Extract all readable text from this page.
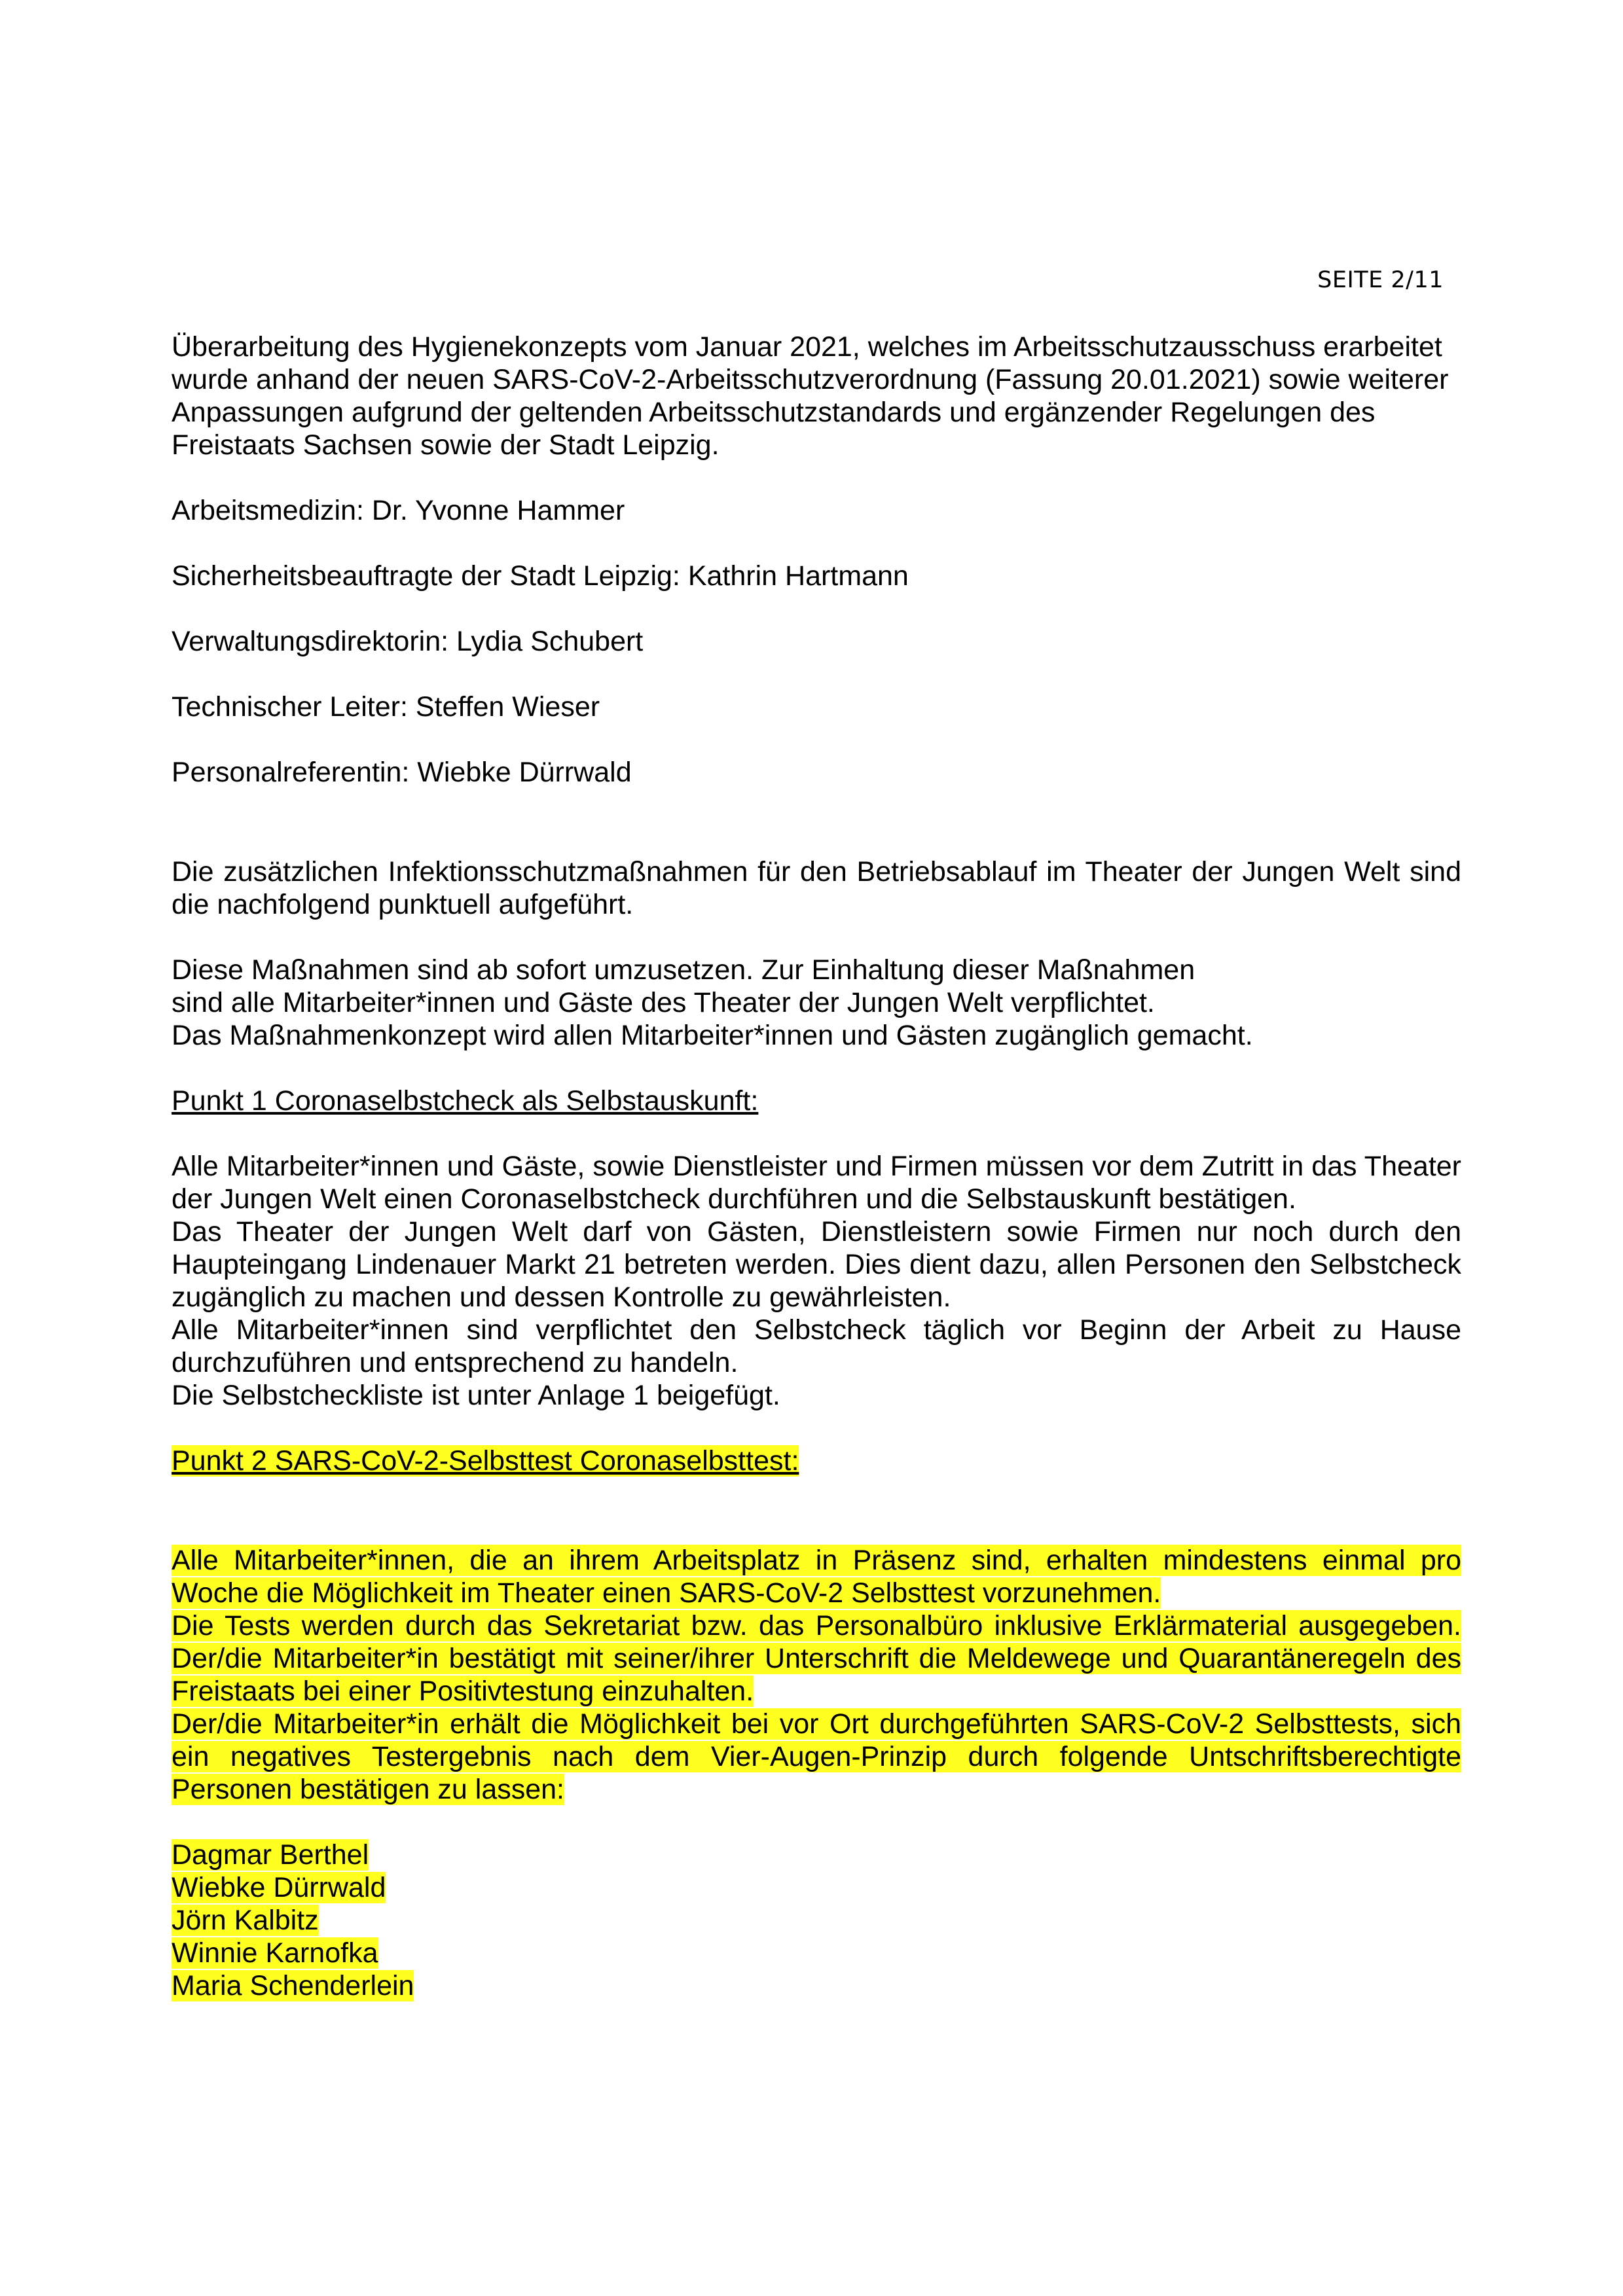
SEITE 2/11

Überarbeitung des Hygienekonzepts vom Januar 2021, welches im Arbeitsschutzausschuss erarbeitet wurde anhand der neuen SARS-CoV-2-Arbeitsschutzverordnung (Fassung 20.01.2021) sowie weiterer Anpassungen aufgrund der geltenden Arbeitsschutzstandards und ergänzender Regelungen des Freistaats Sachsen sowie der Stadt Leipzig.

Arbeitsmedizin: Dr. Yvonne Hammer

Sicherheitsbeauftragte der Stadt Leipzig: Kathrin Hartmann

Verwaltungsdirektorin: Lydia Schubert

Technischer Leiter: Steffen Wieser

Personalreferentin: Wiebke Dürrwald

Die zusätzlichen Infektionsschutzmaßnahmen für den Betriebsablauf im Theater der Jungen Welt sind die nachfolgend punktuell aufgeführt.

Diese Maßnahmen sind ab sofort umzusetzen. Zur Einhaltung dieser Maßnahmen
sind alle Mitarbeiter*innen und Gäste des Theater der Jungen Welt verpflichtet.
Das Maßnahmenkonzept wird allen Mitarbeiter*innen und Gästen zugänglich gemacht.

Punkt 1 Coronaselbstcheck als Selbstauskunft:

Alle Mitarbeiter*innen und Gäste, sowie Dienstleister und Firmen müssen vor dem Zutritt in das Theater der Jungen Welt einen Coronaselbstcheck durchführen und die Selbstauskunft bestätigen.

Das Theater der Jungen Welt darf von Gästen, Dienstleistern sowie Firmen nur noch durch den Haupteingang Lindenauer Markt 21 betreten werden. Dies dient dazu, allen Personen den Selbstcheck zugänglich zu machen und dessen Kontrolle zu gewährleisten.

Alle Mitarbeiter*innen sind verpflichtet den Selbstcheck täglich vor Beginn der Arbeit zu Hause durchzuführen und entsprechend zu handeln.

Die Selbstcheckliste ist unter Anlage 1 beigefügt.

Punkt 2 SARS-CoV-2-Selbsttest Coronaselbsttest:

Alle Mitarbeiter*innen, die an ihrem Arbeitsplatz in Präsenz sind, erhalten mindestens einmal pro Woche die Möglichkeit im Theater einen SARS-CoV-2 Selbsttest vorzunehmen.

Die Tests werden durch das Sekretariat bzw. das Personalbüro inklusive Erklärmaterial ausgegeben. Der/die Mitarbeiter*in bestätigt mit seiner/ihrer Unterschrift die Meldewege und Quarantäneregeln des Freistaats bei einer Positivtestung einzuhalten.

Der/die Mitarbeiter*in erhält die Möglichkeit bei vor Ort durchgeführten SARS-CoV-2 Selbsttests, sich ein negatives Testergebnis nach dem Vier-Augen-Prinzip durch folgende Untschriftsberechtigte Personen bestätigen zu lassen:

Dagmar Berthel
Wiebke Dürrwald
Jörn Kalbitz
Winnie Karnofka
Maria Schenderlein
